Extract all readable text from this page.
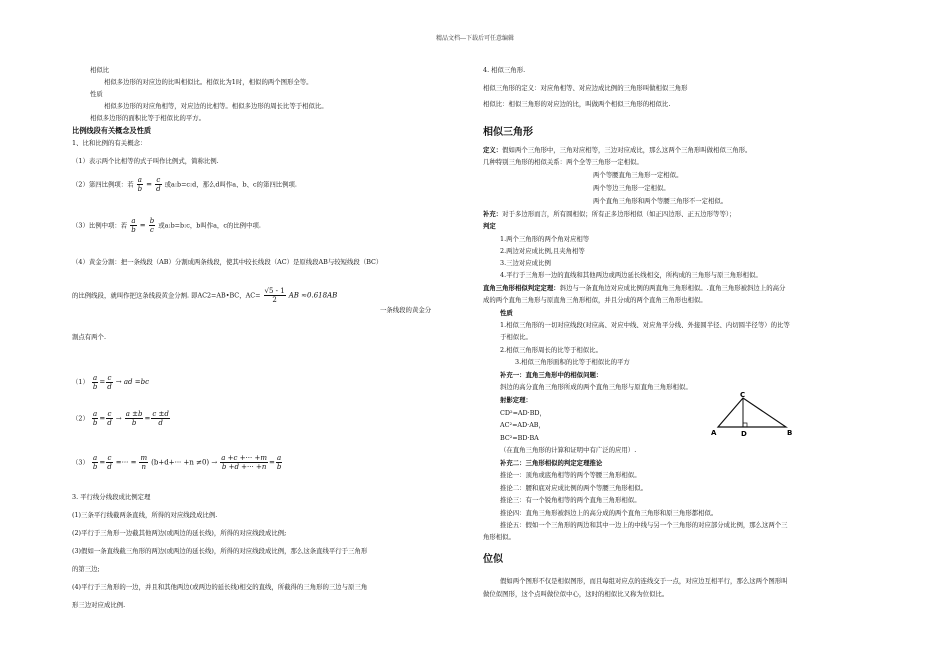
精品文档---下载后可任意编辑
相似比
相似多边形的对应边的比叫相似比。相似比为1时，相似的两个图形全等。
性质
相似多边形的对应角相等，对应边的比相等。相似多边形的周长比等于相似比。
相似多边形的面积比等于相似比的平方。
比例线段有关概念及性质
1、比和比例的有关概念：
（1）表示两个比相等的式子叫作比例式，简称比例.
（2）第四比例项：若 $\frac{a}{b} = \frac{c}{d}$ 或a:b=c:d，那么d叫作a、b、c的第四比例项.
（3）比例中项：若 $\frac{a}{b} = \frac{b}{c}$ 或a:b=b:c，b叫作a，c的比例中项.
（4）黄金分割：把一条线段（AB）分割成两条线段，使其中较长线段（AC）是原线段AB与较短线段（BC）
的比例线段，就叫作把这条线段黄金分割. 即AC2=AB•BC，$AC= \frac{√5 - 1}{2}$ AB ≈0.618AB
一条线段的黄金分
割点有两个.
$(1) \frac{a}{b} = \frac{c}{d}$ → ad =bc
$(2) \frac{a}{b} = \frac{c}{d} \to \frac{a \pm b}{b} = \frac{c \pm d}{d}$
$(3) \frac{a}{b} = \frac{c}{d}$ =··· = $\frac{m}{n} (b+d+\cdot\cdot\cdot +n \ne 0) \to \frac{a +c +\cdot\cdot\cdot +m}{b +d +\cdot\cdot\cdot +n} = \frac{a}{b}$
3. 平行线分线段成比例定理
(1)三条平行线截两条直线，所得的对应线段成比例.
(2)平行于三角形一边截其他两边(或两边的延长线)，所得的对应线段成比例;
(3)假如一条直线截三角形的两边(或两边的延长线)，所得的对应线段成比例，那么这条直线平行于三角形
的第三边;
(4)平行于三角形的一边，并且和其他两边(或两边的延长线)相交的直线，所截得的三角形的三边与原三角
形三边对应成比例.
4. 相似三角形.
相似三角形的定义：对应角相等、对应边成比例的三角形叫做相似三角形
相似比：相似三角形的对应边的比，叫做两个相似三角形的相似比.
相似三角形
定义：假如两个三角形中，三角对应相等，三边对应成比，那么这两个三角形叫做相似三角形。
几种特别三角形的相似关系：两个全等三角形一定相似。
两个等腰直角三角形一定相似。
两个等边三角形一定相似。
两个直角三角形和两个等腰三角形不一定相似。
补充：对于多边形而言，所有圆相似；所有正多边形相似（如正四边形、正五边形等等）；
判定
1.两个三角形的两个角对应相等
2.两边对应成比例,且夹角相等
3.三边对应成比例
4.平行于三角形一边的直线和其他两边或两边延长线相交，所构成的三角形与原三角形相似。
直角三角形相似判定定理：斜边与一条直角边对应成比例的两直角三角形相似。.直角三角形被斜边上的高分
成的两个直角三角形与原直角三角形相似，并且分成的两个直角三角形也相似。
性质
1.相似三角形的一切对应线段(对应高、对应中线、对应角平分线、外接圆半径、内切圆半径等）的比等
于相似比。
2.相似三角形周长的比等于相似比。
3.相似三角形面积的比等于相似比的平方
补充一：直角三角形中的相似问题：
斜边的高分直角三角形所成的两个直角三角形与原直角三角形相似。
射影定理：
CD²=AD·BD，
AC²=AD·AB，
BC²=BD·BA
（在直角三角形的计算和证明中有广泛的应用）.
补充二：三角形相似的判定定理推论
推论一：顶角或底角相等的两个等腰三角形相似。
推论二：腰和底对应成比例的两个等腰三角形相似。
推论三：有一个锐角相等的两个直角三角形相似。
推论四：直角三角形被斜边上的高分成的两个直角三角形和原三角形都相似。
推论五：假如一个三角形的两边和其中一边上的中线与另一个三角形的对应部分成比例，那么这两个三
角形相似。
位似
假如两个图形不仅是相似图形，而且每组对应点的连线交于一点，对应边互相平行，那么这两个图形叫
做位似图形，这个点叫做位似中心，这时的相似比又称为位似比。
C
A	D	B
